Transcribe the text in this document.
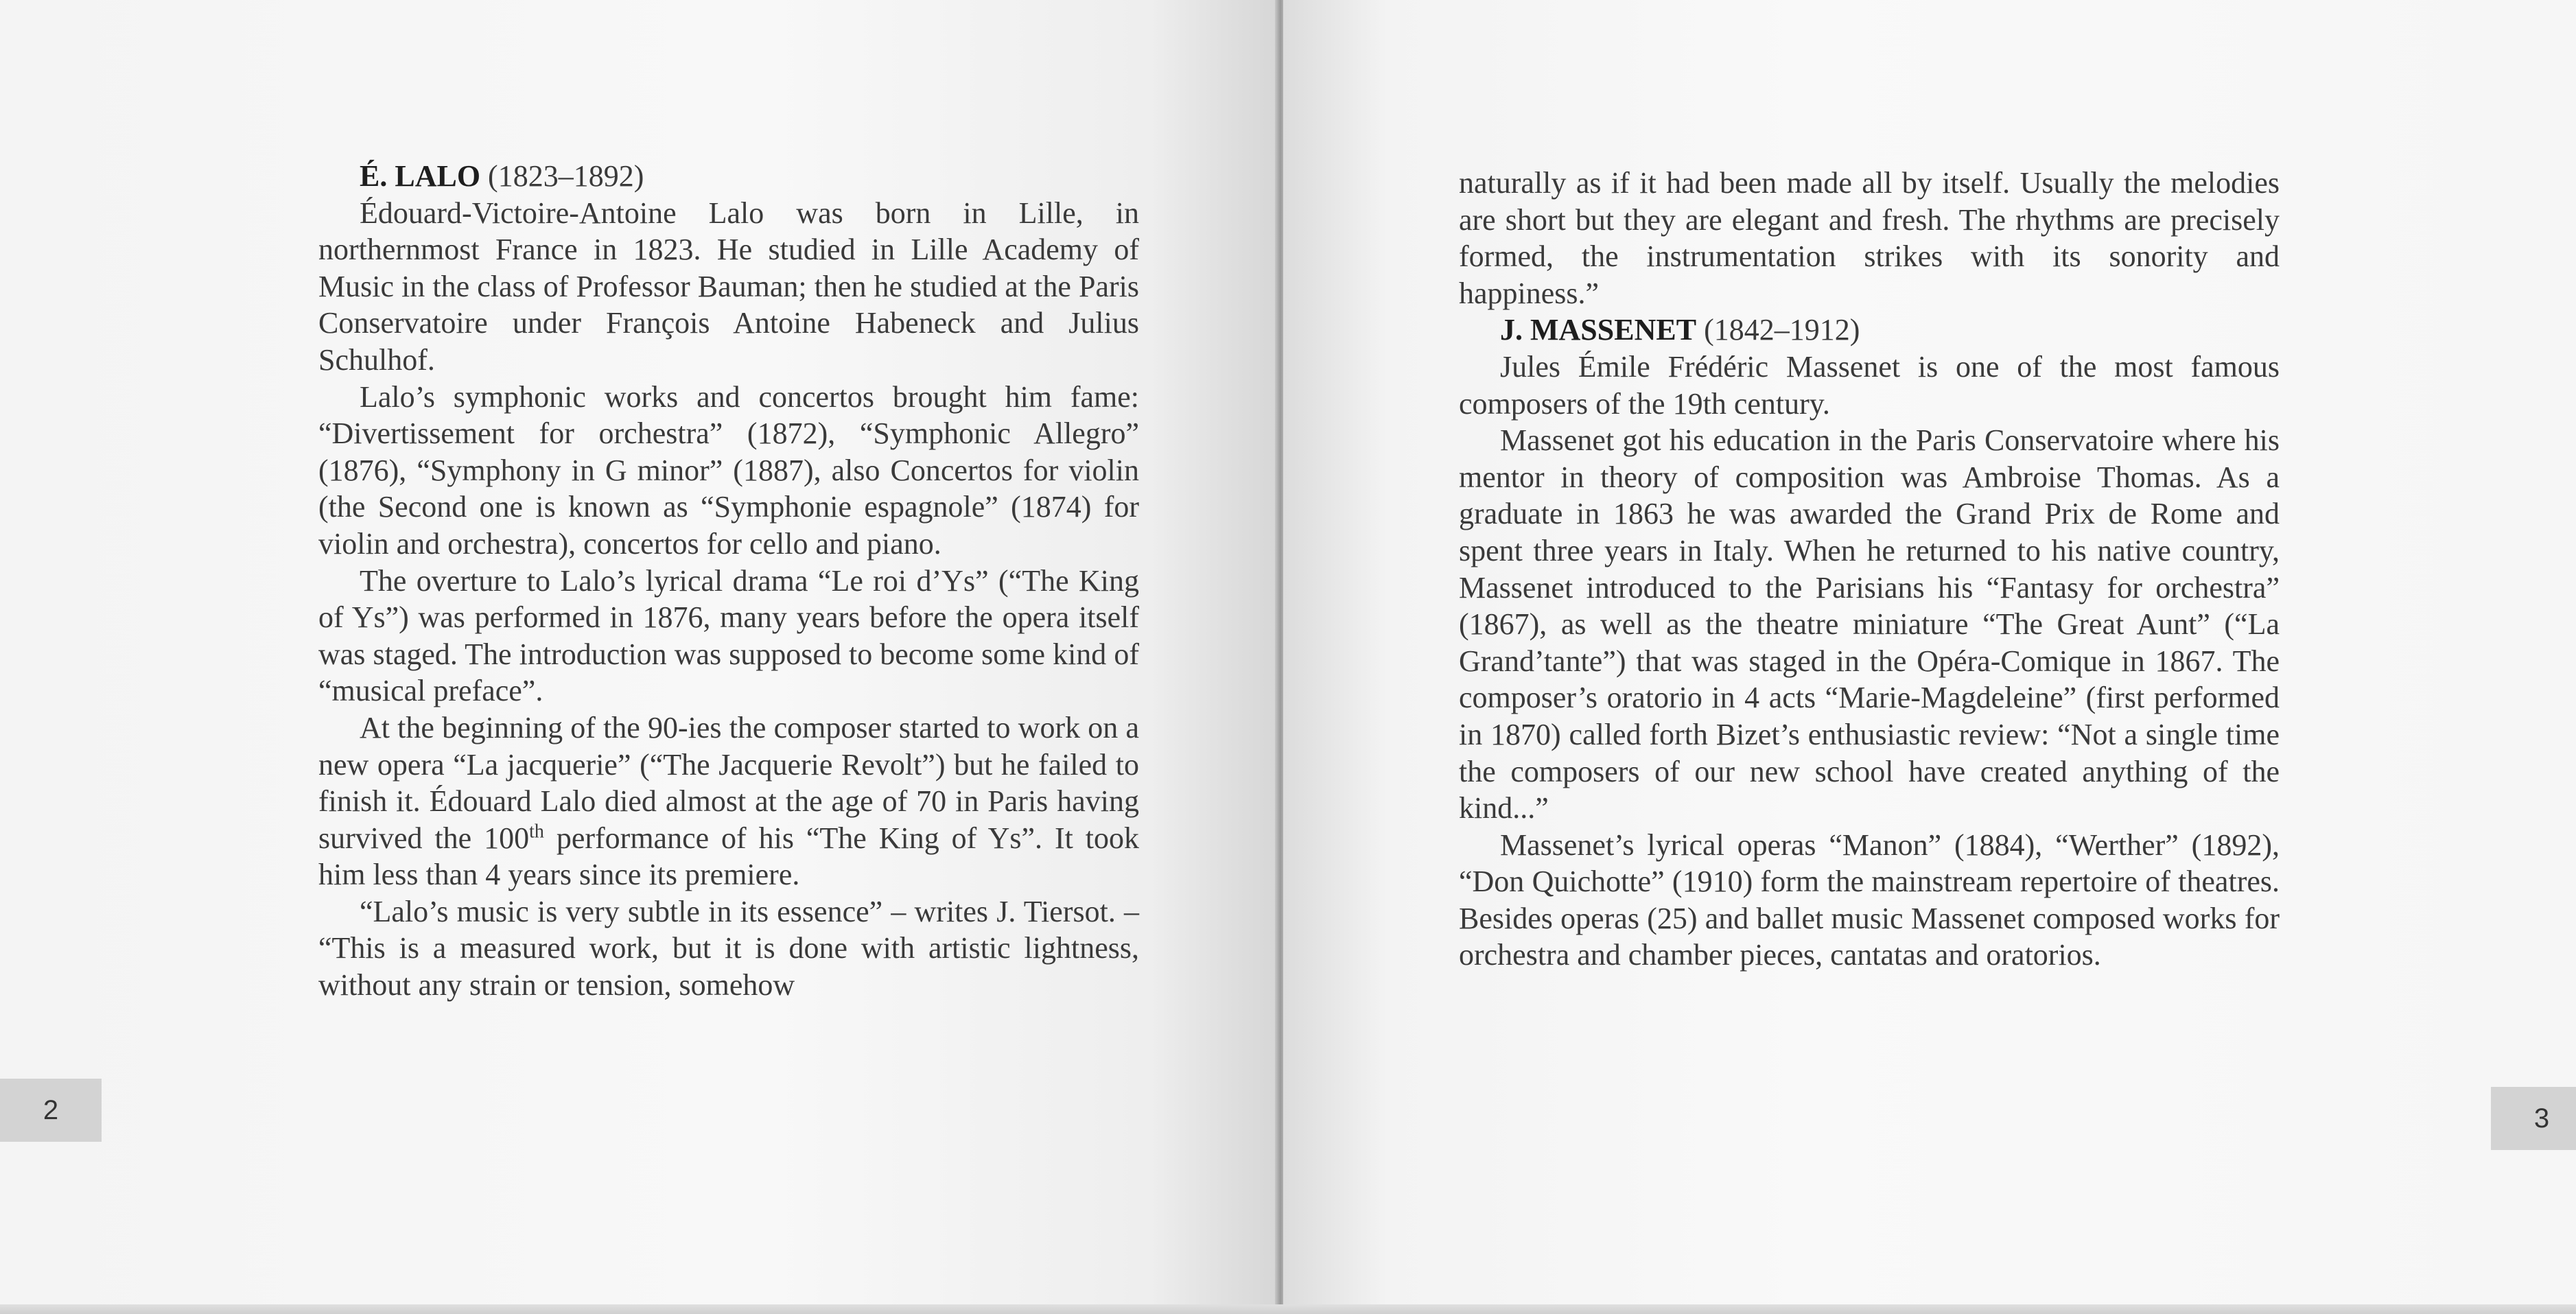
É. LALO (1823–1892)

Édouard-Victoire-Antoine Lalo was born in Lille, in northernmost France in 1823. He studied in Lille Academy of Music in the class of Professor Bauman; then he studied at the Paris Conservatoire under François Antoine Habeneck and Julius Schulhof.

Lalo’s symphonic works and concertos brought him fame: “Divertissement for orchestra” (1872), “Symphonic Allegro” (1876), “Symphony in G minor” (1887), also Concertos for violin (the Second one is known as “Symphonie espagnole” (1874) for violin and orchestra), concertos for cello and piano.

The overture to Lalo’s lyrical drama “Le roi d’Ys” (“The King of Ys”) was performed in 1876, many years before the opera itself was staged. The introduction was supposed to become some kind of “musical preface”.

At the beginning of the 90-ies the composer started to work on a new opera “La jacquerie” (“The Jacquerie Revolt”) but he failed to finish it. Édouard Lalo died almost at the age of 70 in Paris having survived the 100th performance of his “The King of Ys”. It took him less than 4 years since its premiere.

“Lalo’s music is very subtle in its essence” – writes J. Tiersot. – “This is a measured work, but it is done with artistic lightness, without any strain or tension, somehow

2

naturally as if it had been made all by itself. Usually the melodies are short but they are elegant and fresh. The rhythms are precisely formed, the instrumentation strikes with its sonority and happiness.”

J. MASSENET (1842–1912)

Jules Émile Frédéric Massenet is one of the most famous composers of the 19th century.

Massenet got his education in the Paris Conservatoire where his mentor in theory of composition was Ambroise Thomas. As a graduate in 1863 he was awarded the Grand Prix de Rome and spent three years in Italy. When he returned to his native country, Massenet introduced to the Parisians his “Fantasy for orchestra” (1867), as well as the theatre miniature “The Great Aunt” (“La Grand’tante”) that was staged in the Opéra-Comique in 1867. The composer’s oratorio in 4 acts “Marie-Magdeleine” (first performed in 1870) called forth Bizet’s enthusiastic review: “Not a single time the composers of our new school have created anything of the kind...”

Massenet’s lyrical operas “Manon” (1884), “Werther” (1892), “Don Quichotte” (1910) form the mainstream repertoire of theatres. Besides operas (25) and ballet music Massenet composed works for orchestra and chamber pieces, cantatas and oratorios.

3
